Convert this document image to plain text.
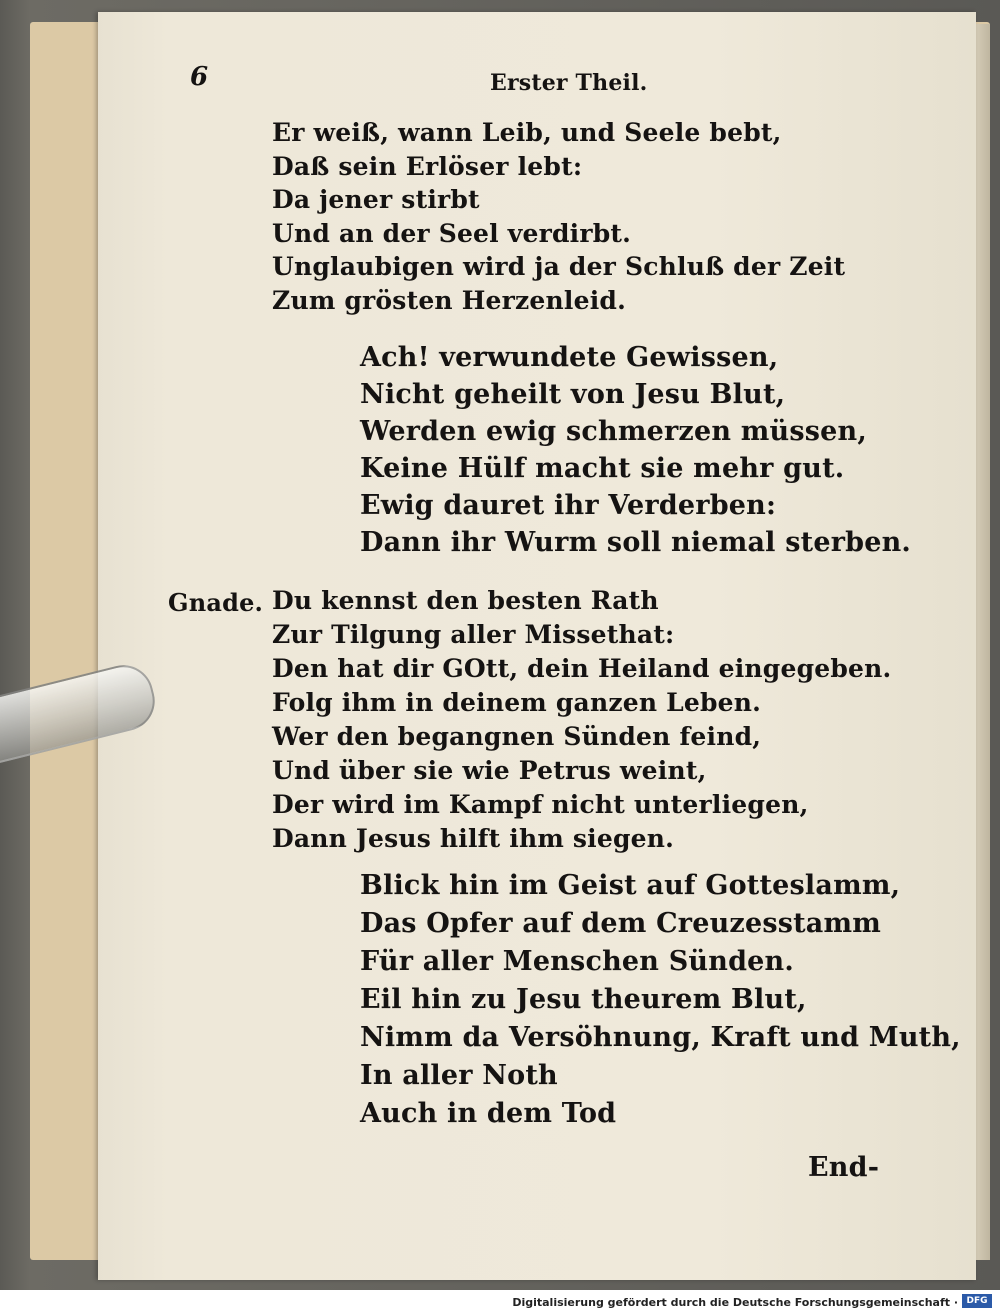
6	Erster Theil.
Er weiß, wann Leib, und Seele bebt,
Daß sein Erlöser lebt:
Da jener stirbt
Und an der Seel verdirbt.
Unglaubigen wird ja der Schluß der Zeit
Zum grösten Herzenleid.
Ach! verwundete Gewissen,
Nicht geheilt von Jesu Blut,
Werden ewig schmerzen müssen,
Keine Hülf macht sie mehr gut.
Ewig dauret ihr Verderben:
Dann ihr Wurm soll niemal sterben.
Gnade. Du kennst den besten Rath
Zur Tilgung aller Missethat:
Den hat dir GOtt, dein Heiland eingegeben.
Folg ihm in deinem ganzen Leben.
Wer den begangnen Sünden feind,
Und über sie wie Petrus weint,
Der wird im Kampf nicht unterliegen,
Dann Jesus hilft ihm siegen.
Blick hin im Geist auf Gotteslamm,
Das Opfer auf dem Creuzesstamm
Für aller Menschen Sünden.
Eil hin zu Jesu theurem Blut,
Nimm da Versöhnung, Kraft und Muth,
In aller Noth
Auch in dem Tod
End-
Digitalisierung gefördert durch die Deutsche Forschungsgemeinschaft · DFG
